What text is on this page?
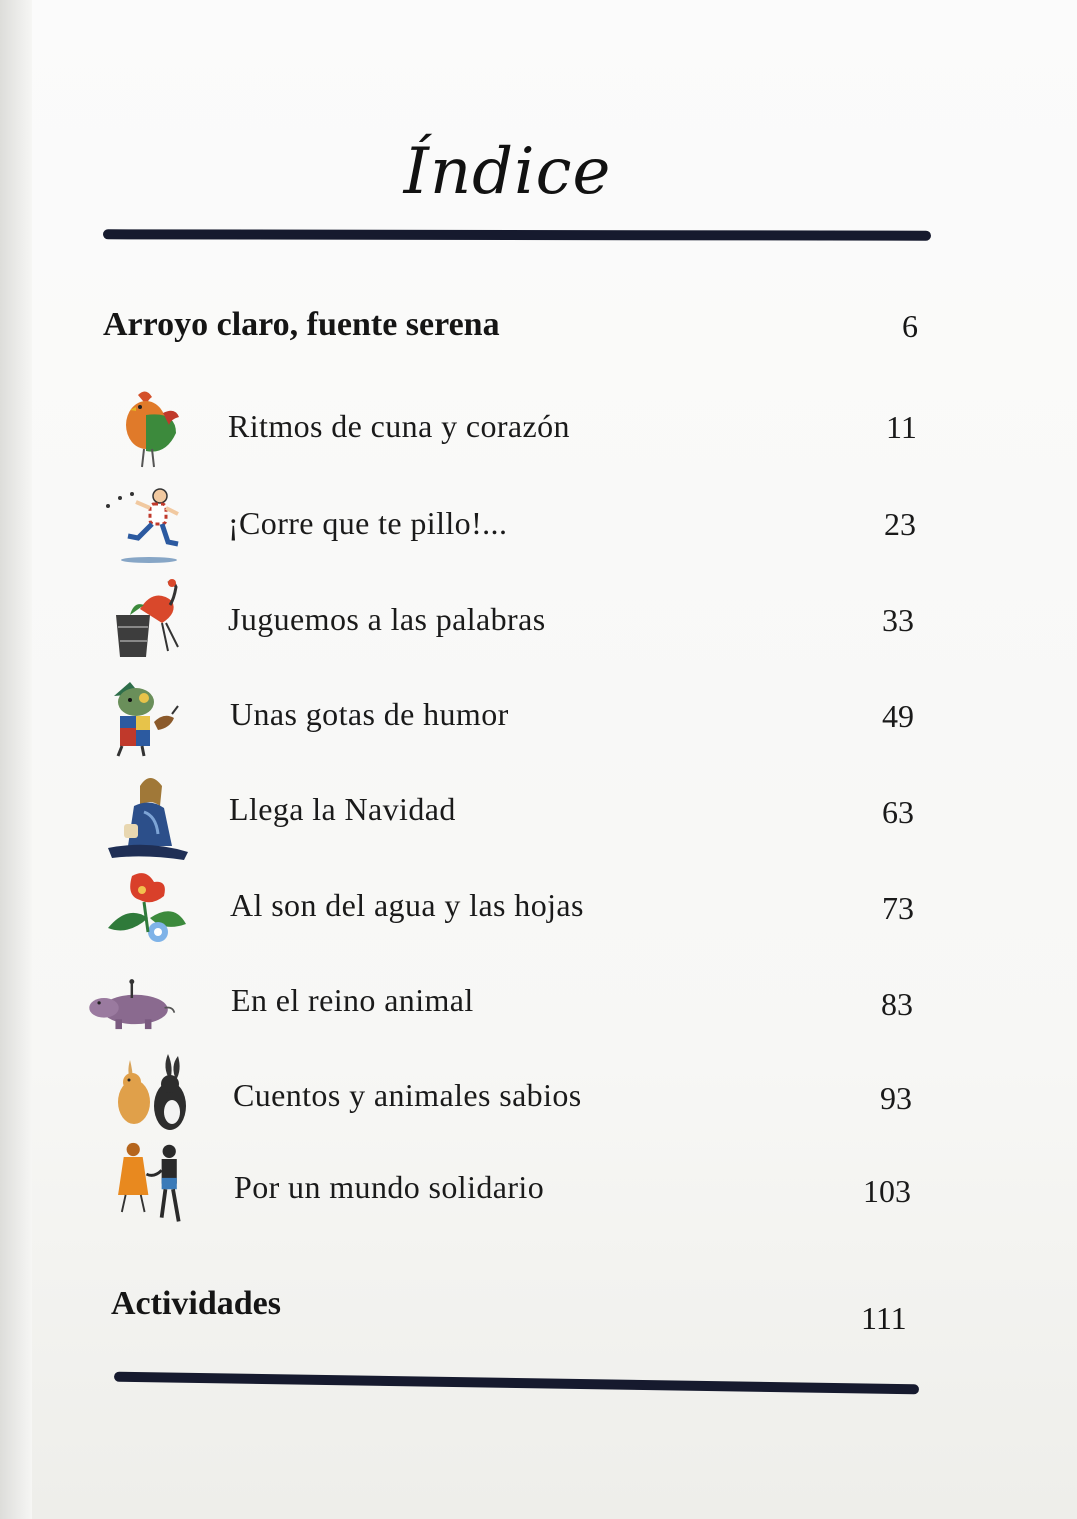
Índice
Arroyo claro, fuente serena	6
Ritmos de cuna y corazón	11
¡Corre que te pillo!...	23
Juguemos a las palabras	33
Unas gotas de humor	49
Llega la Navidad	63
Al son del agua y las hojas	73
En el reino animal	83
Cuentos y animales sabios	93
Por un mundo solidario	103
Actividades	111
